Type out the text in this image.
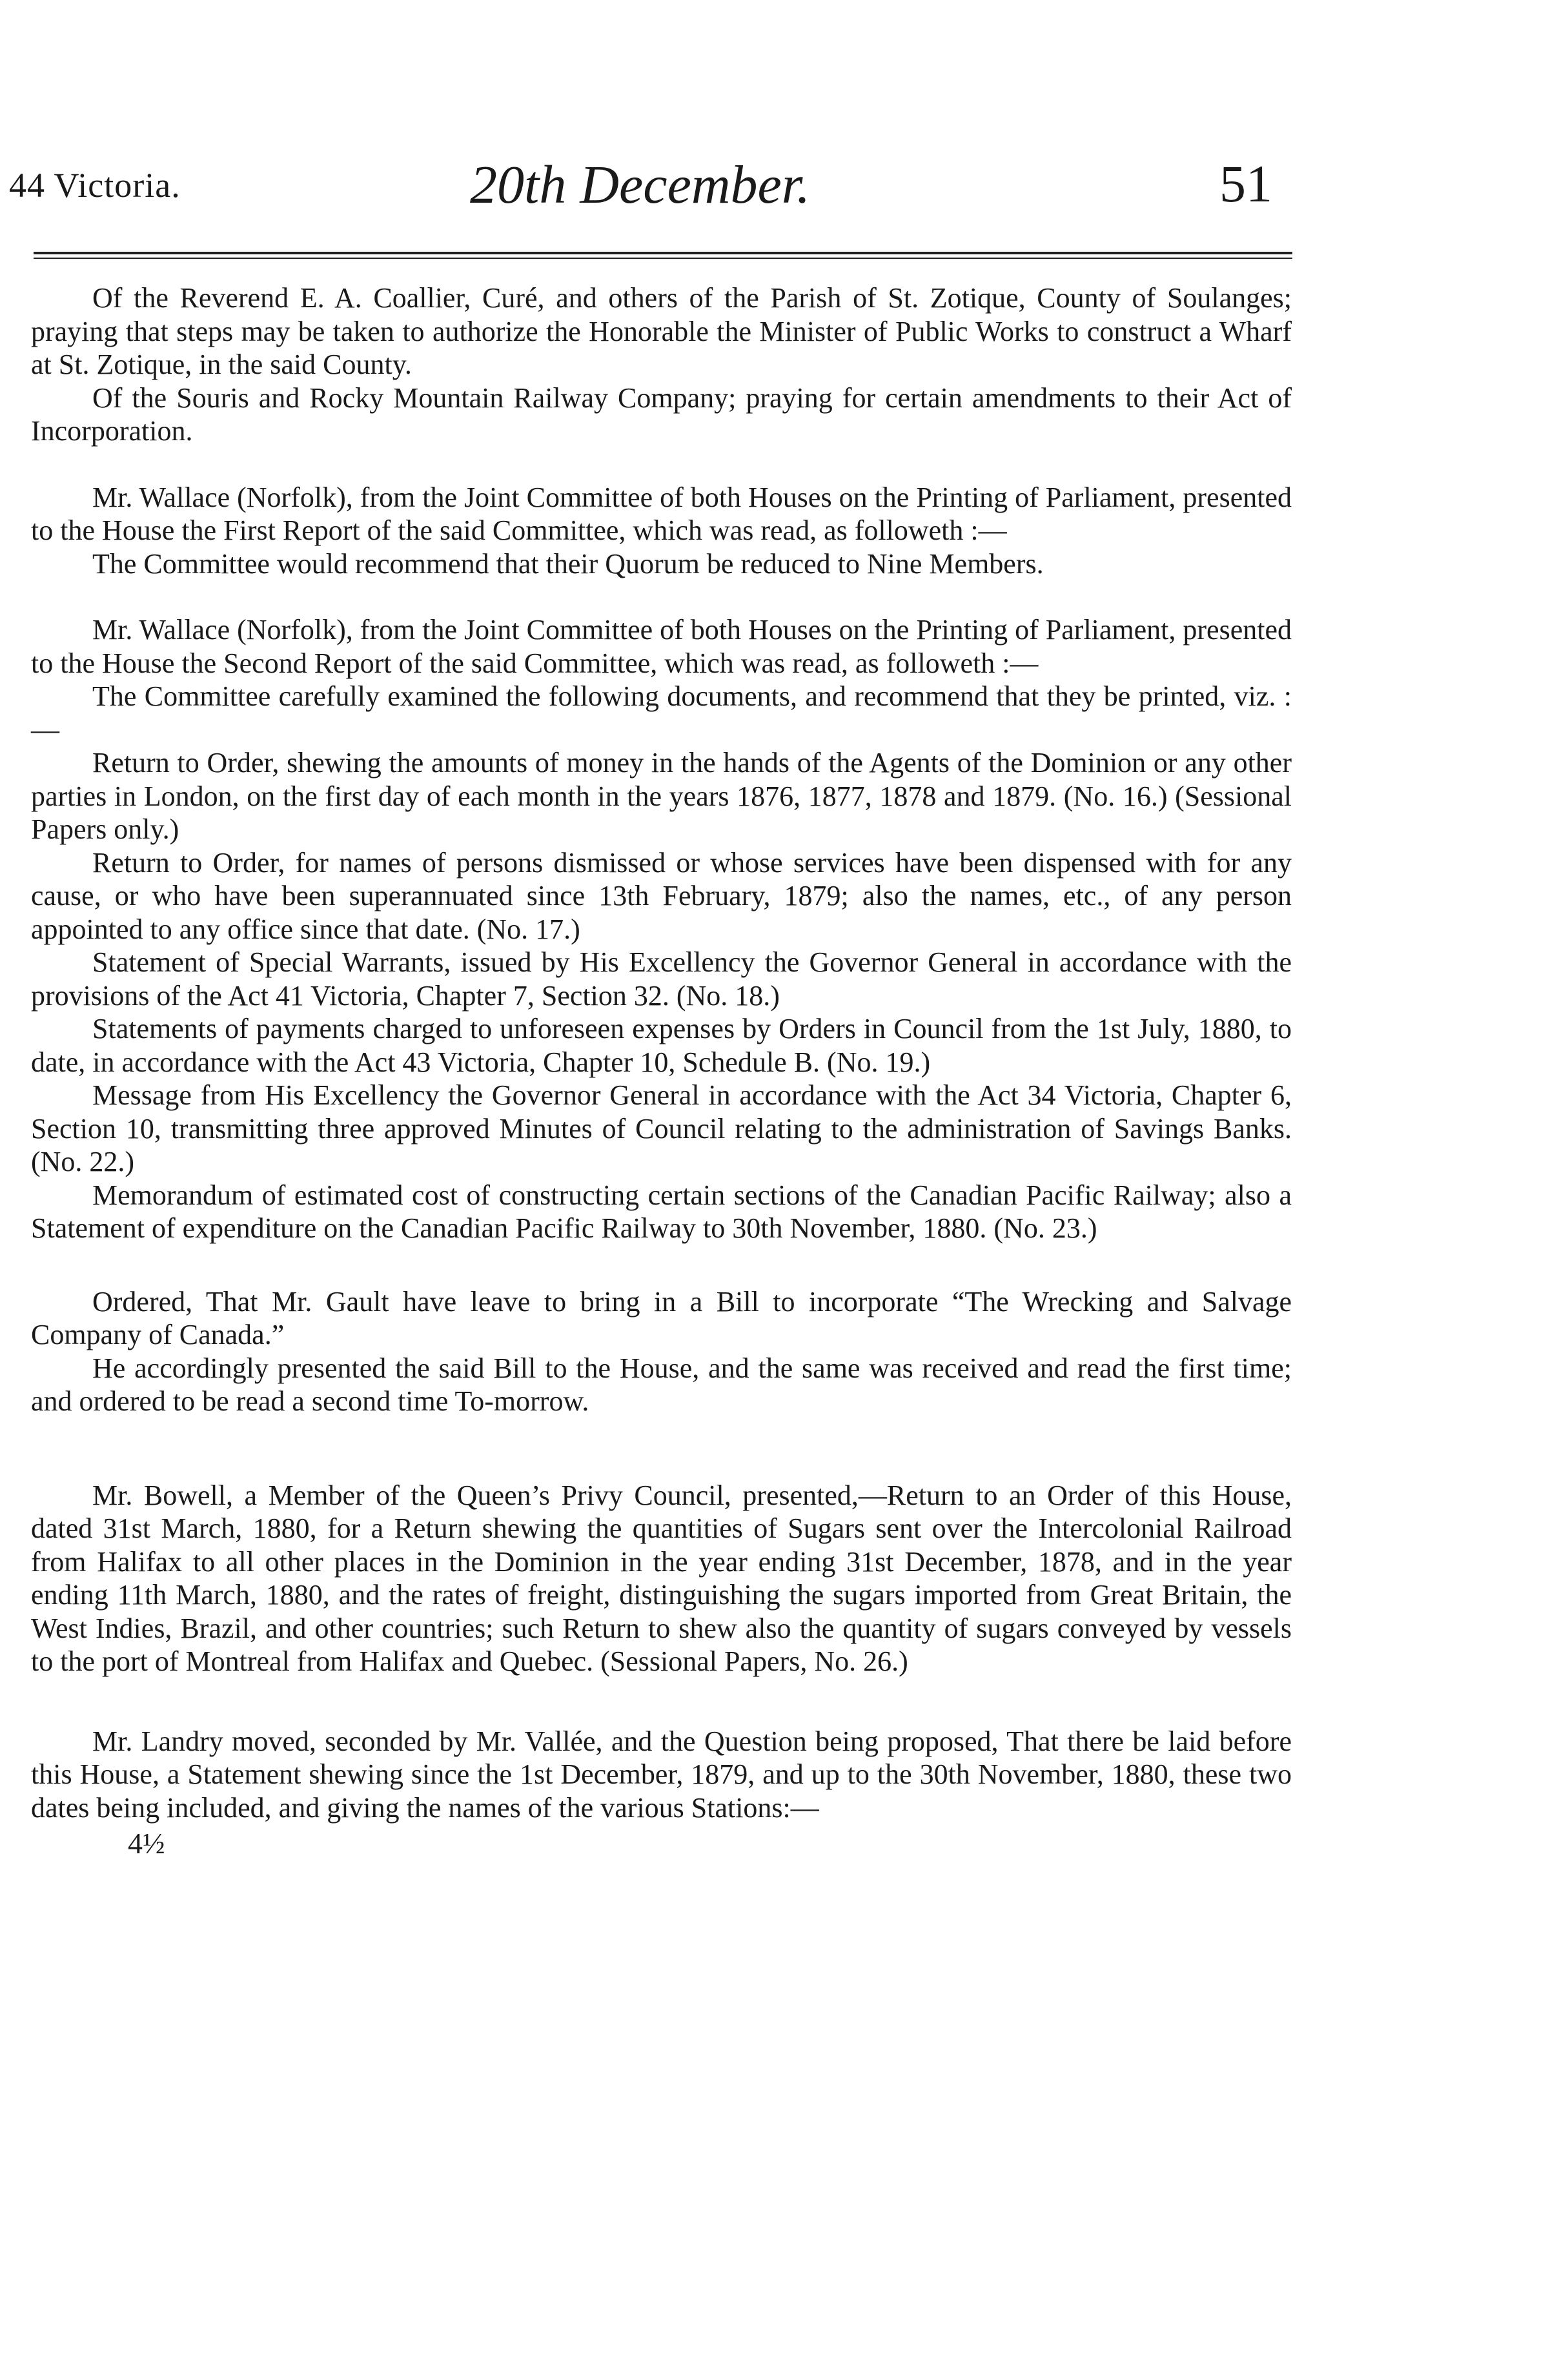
44 Victoria.	20th December.	51

Of the Reverend E. A. Coallier, Curé, and others of the Parish of St. Zotique, County of Soulanges; praying that steps may be taken to authorize the Honorable the Minister of Public Works to construct a Wharf at St. Zotique, in the said County.

Of the Souris and Rocky Mountain Railway Company; praying for certain amendments to their Act of Incorporation.

Mr. Wallace (Norfolk), from the Joint Committee of both Houses on the Printing of Parliament, presented to the House the First Report of the said Committee, which was read, as followeth :—

The Committee would recommend that their Quorum be reduced to Nine Members.

Mr. Wallace (Norfolk), from the Joint Committee of both Houses on the Printing of Parliament, presented to the House the Second Report of the said Committee, which was read, as followeth :—

The Committee carefully examined the following documents, and recommend that they be printed, viz. :—

Return to Order, shewing the amounts of money in the hands of the Agents of the Dominion or any other parties in London, on the first day of each month in the years 1876, 1877, 1878 and 1879. (No. 16.) (Sessional Papers only.)

Return to Order, for names of persons dismissed or whose services have been dispensed with for any cause, or who have been superannuated since 13th February, 1879; also the names, etc., of any person appointed to any office since that date. (No. 17.)

Statement of Special Warrants, issued by His Excellency the Governor General in accordance with the provisions of the Act 41 Victoria, Chapter 7, Section 32. (No. 18.)

Statements of payments charged to unforeseen expenses by Orders in Council from the 1st July, 1880, to date, in accordance with the Act 43 Victoria, Chapter 10, Schedule B. (No. 19.)

Message from His Excellency the Governor General in accordance with the Act 34 Victoria, Chapter 6, Section 10, transmitting three approved Minutes of Council relating to the administration of Savings Banks. (No. 22.)

Memorandum of estimated cost of constructing certain sections of the Canadian Pacific Railway; also a Statement of expenditure on the Canadian Pacific Railway to 30th November, 1880. (No. 23.)

Ordered, That Mr. Gault have leave to bring in a Bill to incorporate “The Wrecking and Salvage Company of Canada.”

He accordingly presented the said Bill to the House, and the same was received and read the first time; and ordered to be read a second time To-morrow.

Mr. Bowell, a Member of the Queen’s Privy Council, presented,—Return to an Order of this House, dated 31st March, 1880, for a Return shewing the quantities of Sugars sent over the Intercolonial Railroad from Halifax to all other places in the Dominion in the year ending 31st December, 1878, and in the year ending 11th March, 1880, and the rates of freight, distinguishing the sugars imported from Great Britain, the West Indies, Brazil, and other countries; such Return to shew also the quantity of sugars conveyed by vessels to the port of Montreal from Halifax and Quebec. (Sessional Papers, No. 26.)

Mr. Landry moved, seconded by Mr. Vallée, and the Question being proposed, That there be laid before this House, a Statement shewing since the 1st December, 1879, and up to the 30th November, 1880, these two dates being included, and giving the names of the various Stations:—

4½
